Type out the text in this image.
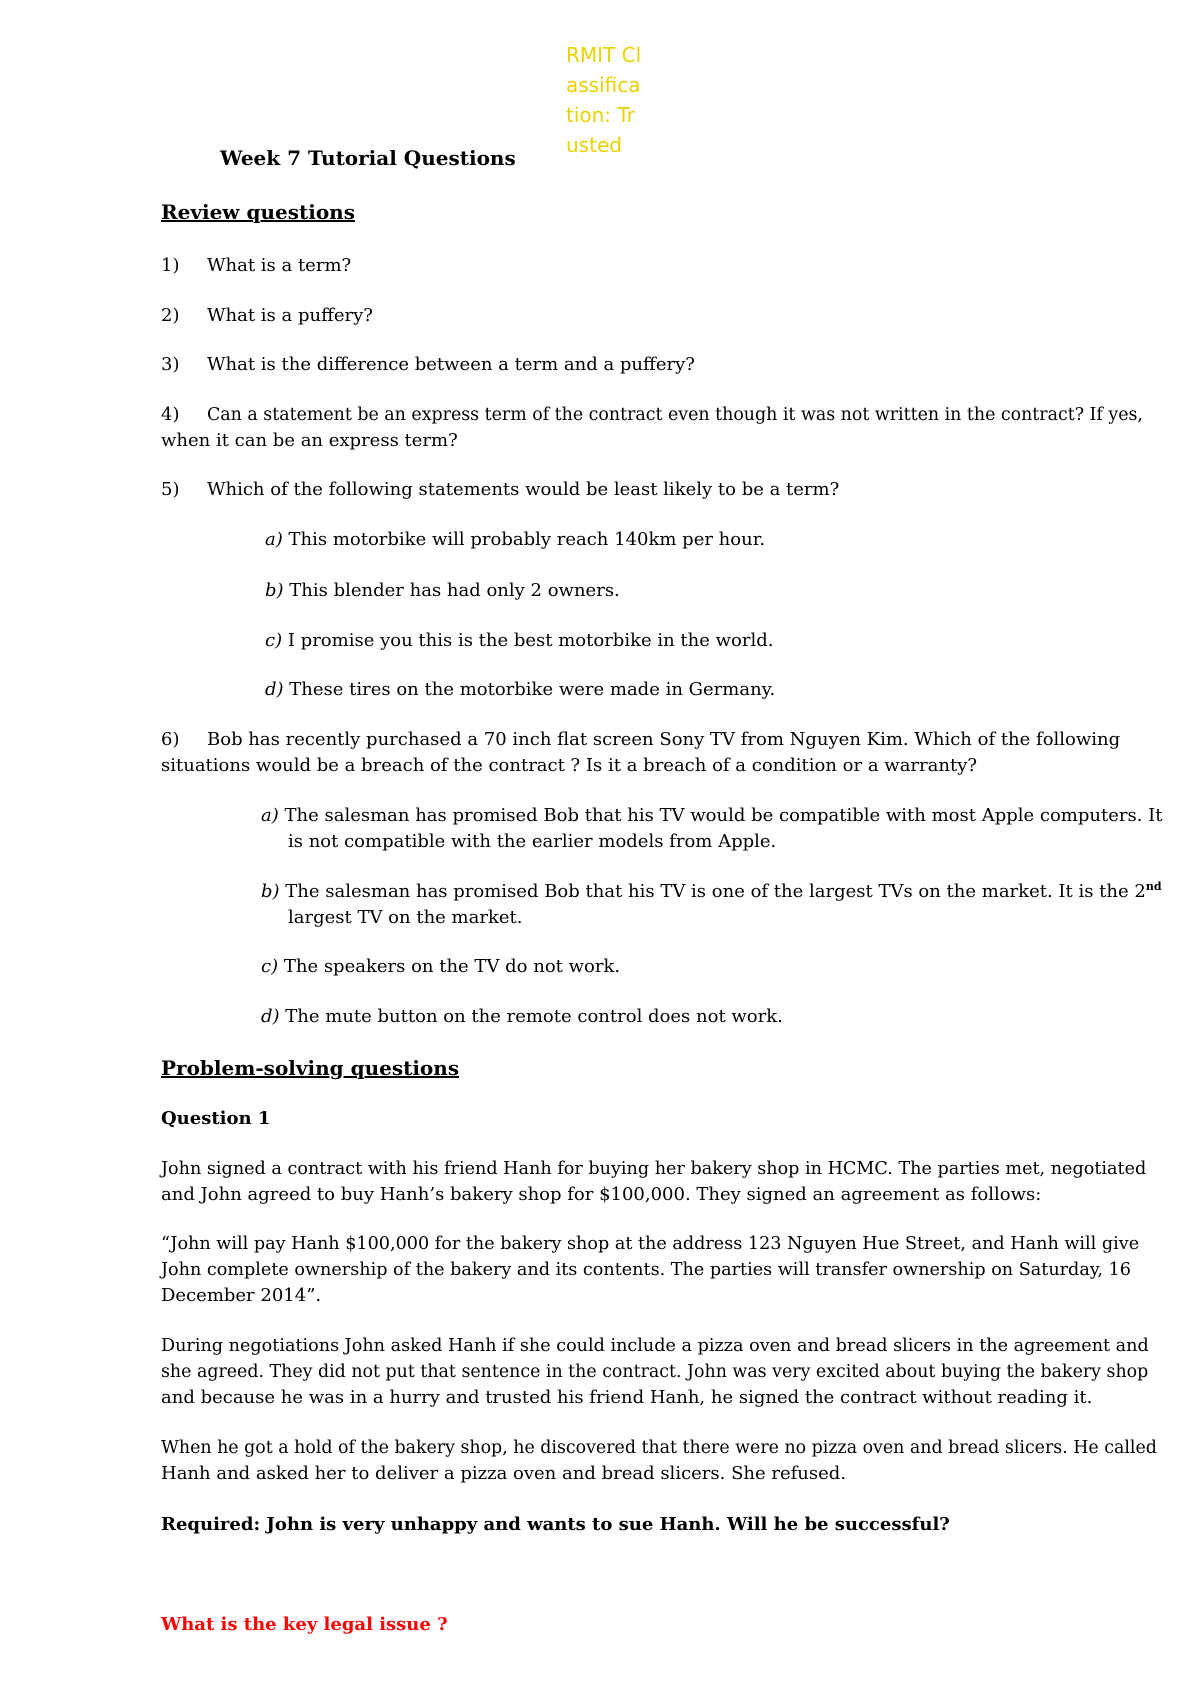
RMIT Classification: Trusted
Week 7 Tutorial Questions
Review questions
1) What is a term?
2) What is a puffery?
3) What is the difference between a term and a puffery?
4) Can a statement be an express term of the contract even though it was not written in the contract? If yes,
when it can be an express term?
5) Which of the following statements would be least likely to be a term?
a) This motorbike will probably reach 140km per hour.
b) This blender has had only 2 owners.
c) I promise you this is the best motorbike in the world.
d) These tires on the motorbike were made in Germany.
6) Bob has recently purchased a 70 inch flat screen Sony TV from Nguyen Kim. Which of the following
situations would be a breach of the contract ? Is it a breach of a condition or a warranty?
a) The salesman has promised Bob that his TV would be compatible with most Apple computers. It
is not compatible with the earlier models from Apple.
b) The salesman has promised Bob that his TV is one of the largest TVs on the market. It is the 2nd
largest TV on the market.
c) The speakers on the TV do not work.
d) The mute button on the remote control does not work.
Problem-solving questions
Question 1
John signed a contract with his friend Hanh for buying her bakery shop in HCMC. The parties met, negotiated
and John agreed to buy Hanh’s bakery shop for $100,000. They signed an agreement as follows:
“John will pay Hanh $100,000 for the bakery shop at the address 123 Nguyen Hue Street, and Hanh will give
John complete ownership of the bakery and its contents. The parties will transfer ownership on Saturday, 16
December 2014”.
During negotiations John asked Hanh if she could include a pizza oven and bread slicers in the agreement and
she agreed. They did not put that sentence in the contract. John was very excited about buying the bakery shop
and because he was in a hurry and trusted his friend Hanh, he signed the contract without reading it.
When he got a hold of the bakery shop, he discovered that there were no pizza oven and bread slicers. He called
Hanh and asked her to deliver a pizza oven and bread slicers. She refused.
Required: John is very unhappy and wants to sue Hanh. Will he be successful?
What is the key legal issue ?
